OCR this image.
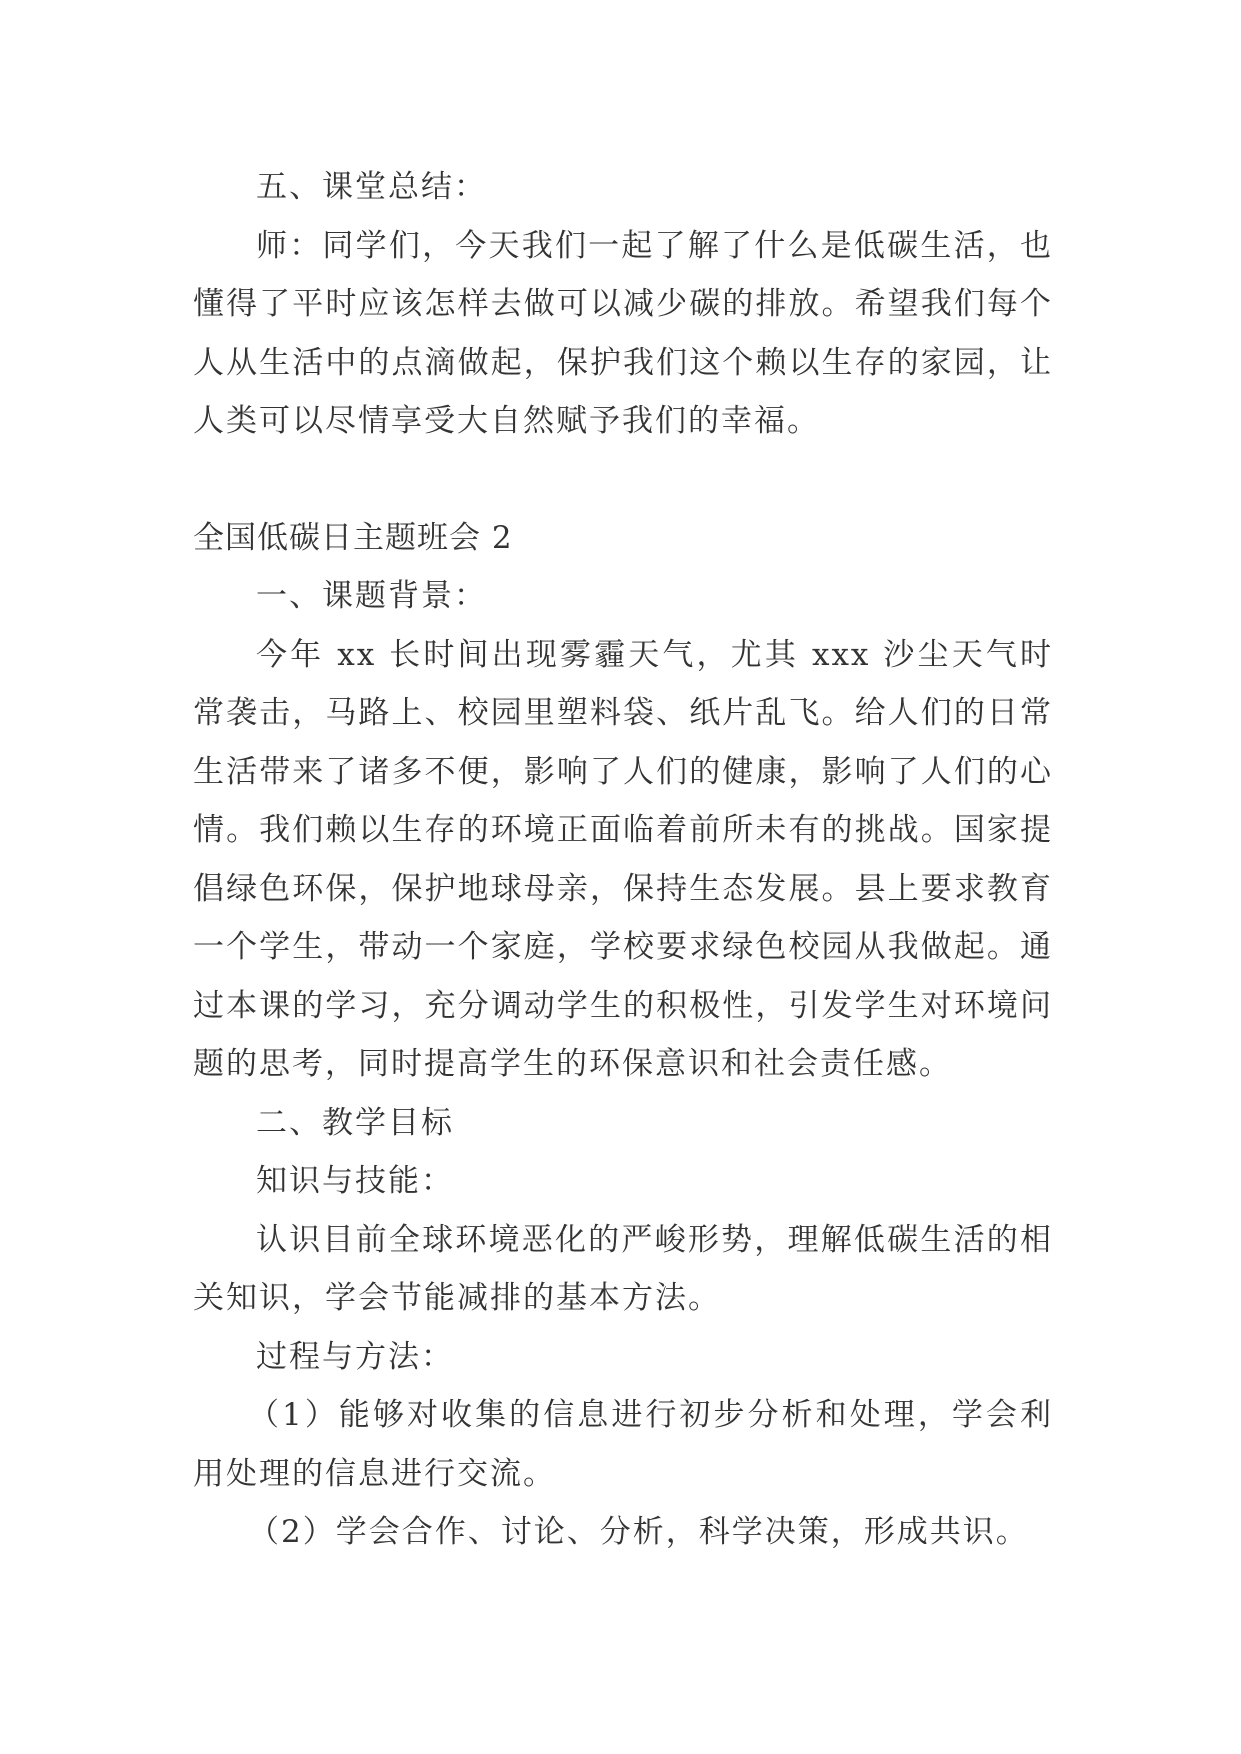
五、课堂总结：

师：同学们，今天我们一起了解了什么是低碳生活，也懂得了平时应该怎样去做可以减少碳的排放。希望我们每个人从生活中的点滴做起，保护我们这个赖以生存的家园，让人类可以尽情享受大自然赋予我们的幸福。

全国低碳日主题班会 2

一、课题背景：

今年 xx 长时间出现雾霾天气，尤其 xxx 沙尘天气时常袭击，马路上、校园里塑料袋、纸片乱飞。给人们的日常生活带来了诸多不便，影响了人们的健康，影响了人们的心情。我们赖以生存的环境正面临着前所未有的挑战。国家提倡绿色环保，保护地球母亲，保持生态发展。县上要求教育一个学生，带动一个家庭，学校要求绿色校园从我做起。通过本课的学习，充分调动学生的积极性，引发学生对环境问题的思考，同时提高学生的环保意识和社会责任感。

二、教学目标

知识与技能：

认识目前全球环境恶化的严峻形势，理解低碳生活的相关知识，学会节能减排的基本方法。

过程与方法：

（1）能够对收集的信息进行初步分析和处理，学会利用处理的信息进行交流。

（2）学会合作、讨论、分析，科学决策，形成共识。
